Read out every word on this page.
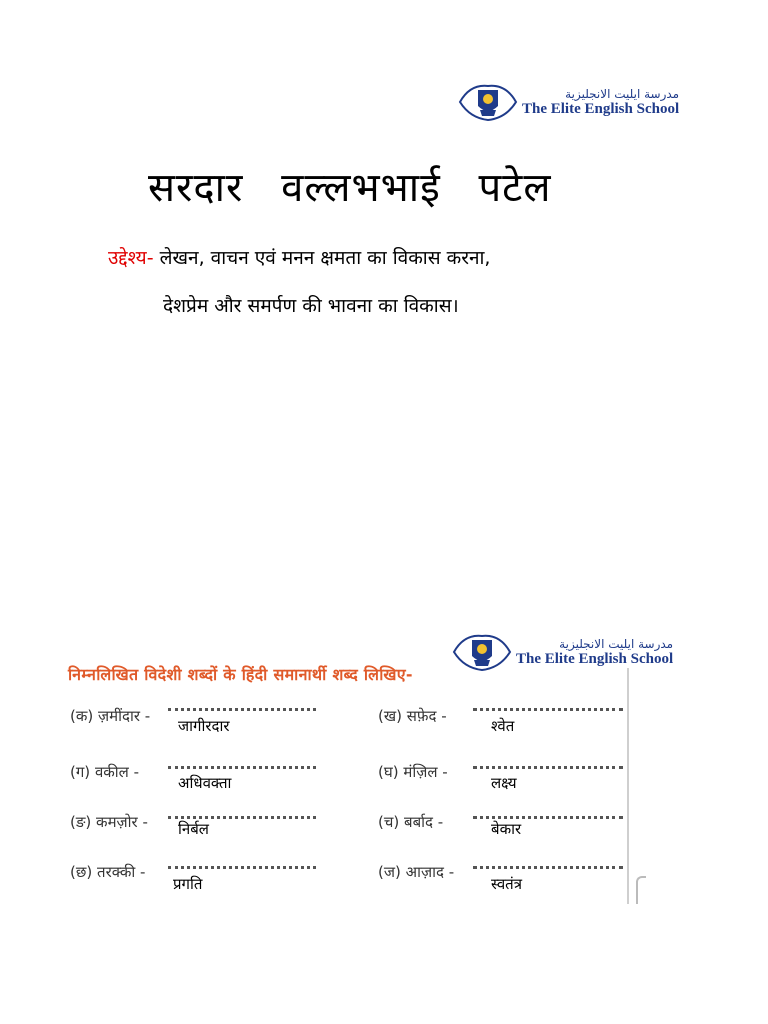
مدرسة ايليت الانجليزية
The Elite English School
सरदार वल्लभभाई पटेल
उद्देश्य- लेखन, वाचन एवं मनन क्षमता का विकास करना,
देशप्रेम और समर्पण की भावना का विकास।
مدرسة ايليت الانجليزية
The Elite English School
निम्नलिखित विदेशी शब्दों के हिंदी समानार्थी शब्द लिखिए-
(क) ज़मींदार -
जागीरदार
(ग) वकील -
अधिवक्ता
(ङ) कमज़ोर - निर्बल
(छ) तरक्की -
प्रगति
(ख) सफ़ेद -
श्वेत
(घ) मंज़िल -
लक्ष्य
(च) बर्बाद -	बेकार
(ज) आज़ाद -
स्वतंत्र
